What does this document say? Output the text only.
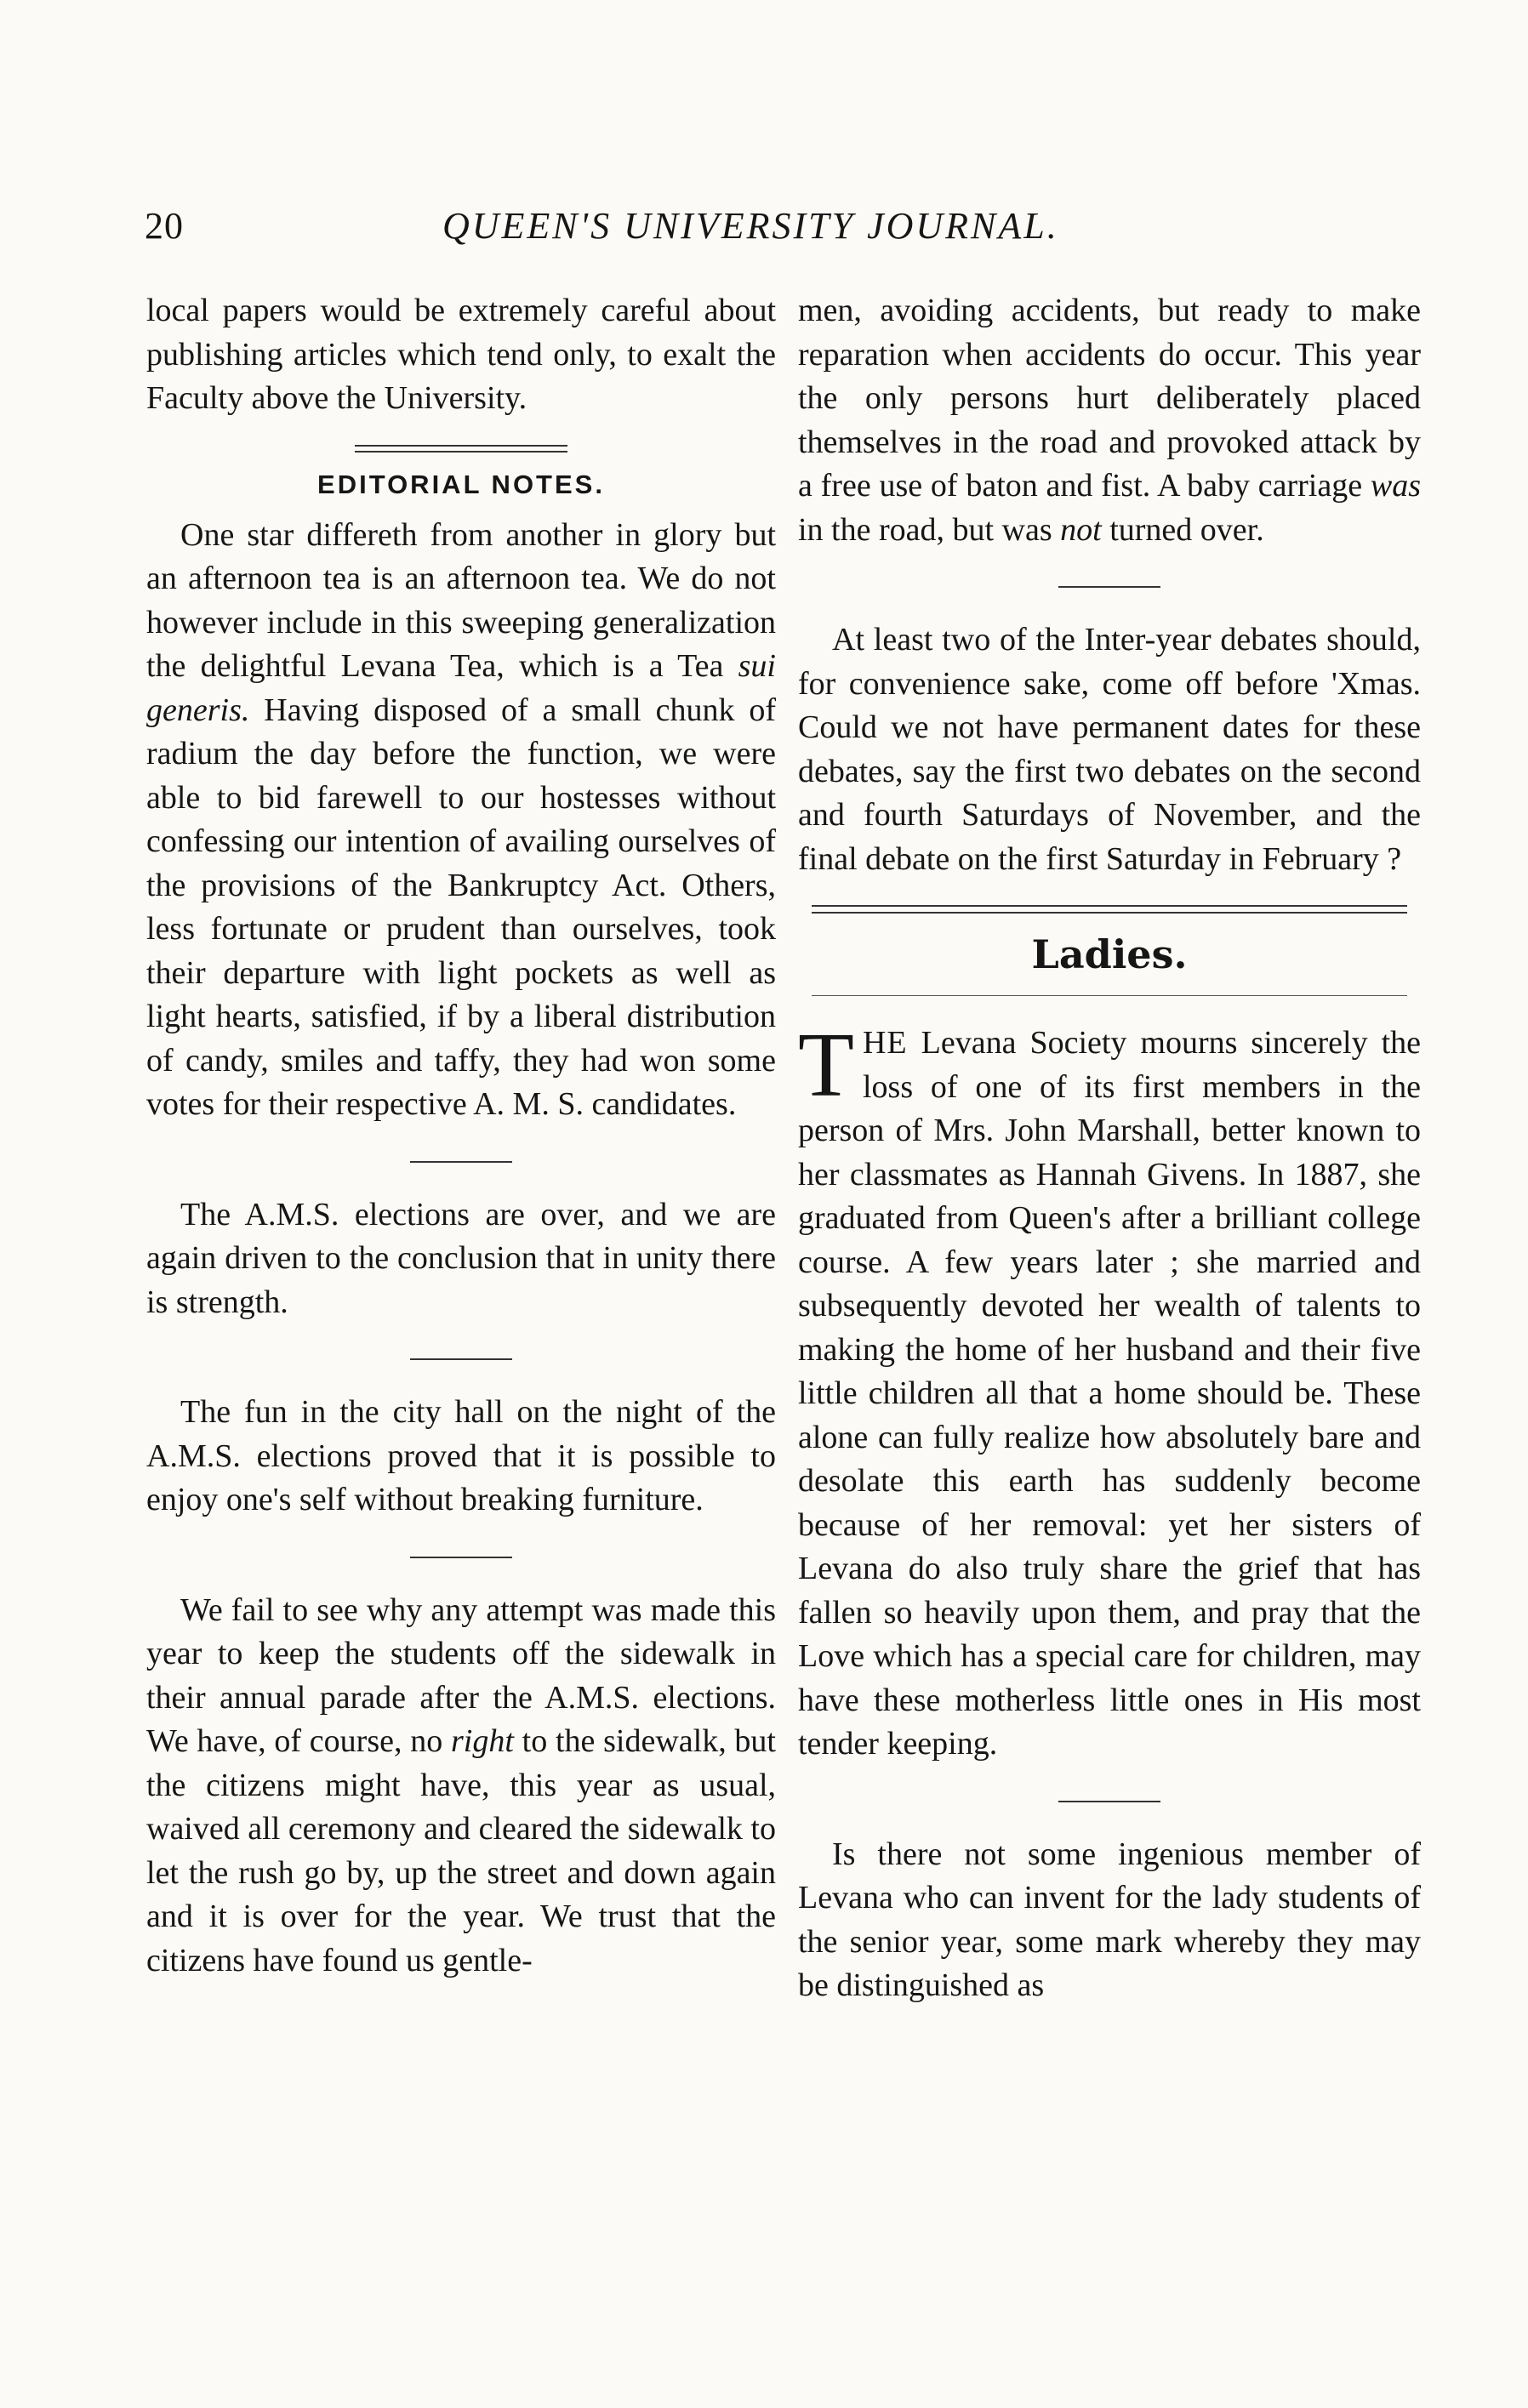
20	QUEEN'S UNIVERSITY JOURNAL.

local papers would be extremely careful about publishing articles which tend only, to exalt the Faculty above the University.

EDITORIAL NOTES.

One star differeth from another in glory but an afternoon tea is an afternoon tea. We do not however include in this sweeping generalization the delightful Levana Tea, which is a Tea sui generis. Having disposed of a small chunk of radium the day before the function, we were able to bid farewell to our hostesses without confessing our intention of availing ourselves of the provisions of the Bankruptcy Act. Others, less fortunate or prudent than ourselves, took their departure with light pockets as well as light hearts, satisfied, if by a liberal distribution of candy, smiles and taffy, they had won some votes for their respective A. M. S. candidates.

The A.M.S. elections are over, and we are again driven to the conclusion that in unity there is strength.

The fun in the city hall on the night of the A.M.S. elections proved that it is possible to enjoy one's self without breaking furniture.

We fail to see why any attempt was made this year to keep the students off the sidewalk in their annual parade after the A.M.S. elections. We have, of course, no right to the sidewalk, but the citizens might have, this year as usual, waived all ceremony and cleared the sidewalk to let the rush go by, up the street and down again and it is over for the year. We trust that the citizens have found us gentle-

men, avoiding accidents, but ready to make reparation when accidents do occur. This year the only persons hurt deliberately placed themselves in the road and provoked attack by a free use of baton and fist. A baby carriage was in the road, but was not turned over.

At least two of the Inter-year debates should, for convenience sake, come off before 'Xmas. Could we not have permanent dates for these debates, say the first two debates on the second and fourth Saturdays of November, and the final debate on the first Saturday in February ?

Ladies.

THE Levana Society mourns sincerely the loss of one of its first members in the person of Mrs. John Marshall, better known to her classmates as Hannah Givens. In 1887, she graduated from Queen's after a brilliant college course. A few years later ; she married and subsequently devoted her wealth of talents to making the home of her husband and their five little children all that a home should be. These alone can fully realize how absolutely bare and desolate this earth has suddenly become because of her removal: yet her sisters of Levana do also truly share the grief that has fallen so heavily upon them, and pray that the Love which has a special care for children, may have these motherless little ones in His most tender keeping.

Is there not some ingenious member of Levana who can invent for the lady students of the senior year, some mark whereby they may be distinguished as
